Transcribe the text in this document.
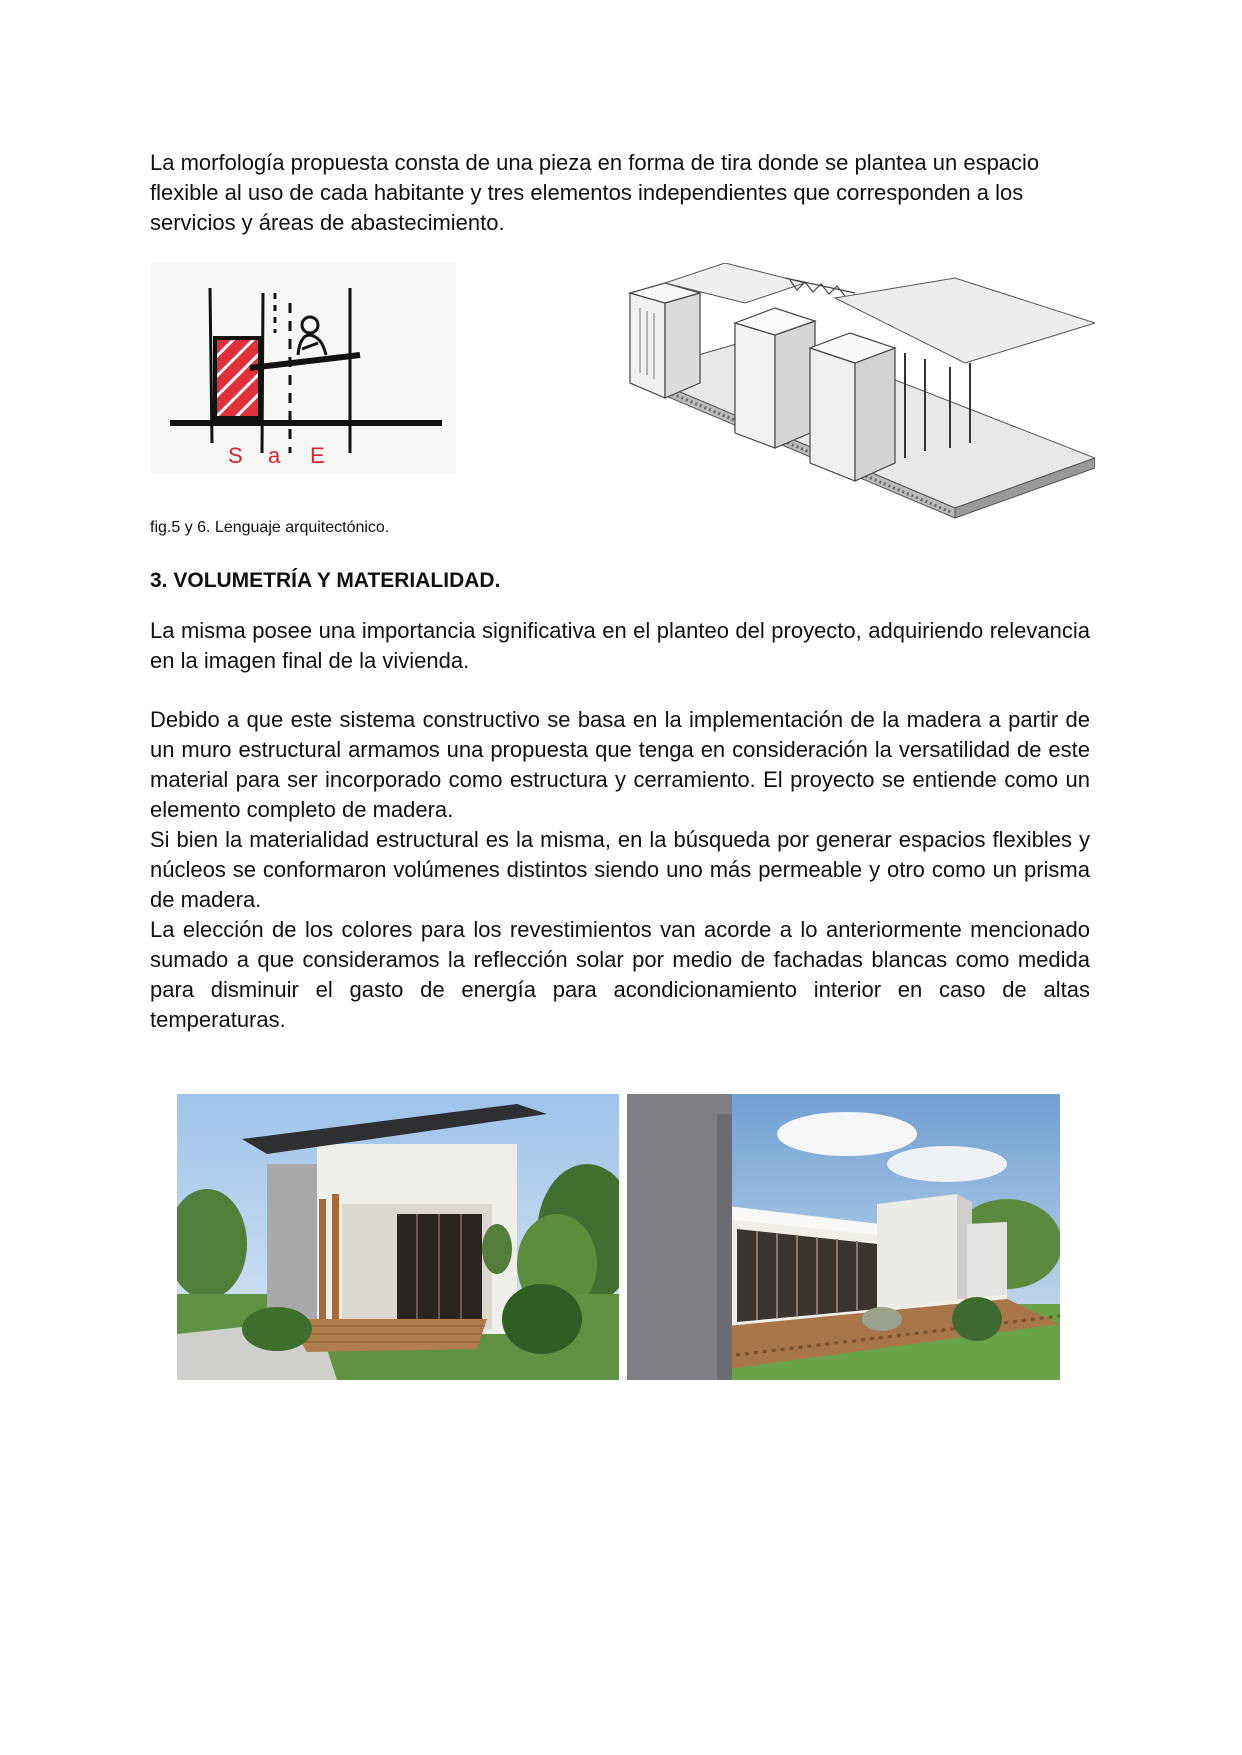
La morfología propuesta consta de una pieza en forma de tira donde se plantea un espacio flexible al uso de cada habitante y tres elementos independientes que corresponden a los servicios y áreas de abastecimiento.

S a E

fig.5 y 6. Lenguaje arquitectónico.

3. VOLUMETRÍA Y MATERIALIDAD.

La misma posee una importancia significativa en el planteo del proyecto, adquiriendo relevancia en la imagen final de la vivienda.

Debido a que este sistema constructivo se basa en la implementación de la madera a partir de un muro estructural armamos una propuesta que tenga en consideración la versatilidad de este material para ser incorporado como estructura y cerramiento. El proyecto se entiende como un elemento completo de madera.

Si bien la materialidad estructural es la misma, en la búsqueda por generar espacios flexibles y núcleos se conformaron volúmenes distintos siendo uno más permeable y otro como un prisma de madera.

La elección de los colores para los revestimientos van acorde a lo anteriormente mencionado sumado a que consideramos la reflección solar por medio de fachadas blancas como medida para disminuir el gasto de energía para acondicionamiento interior en caso de altas temperaturas.
